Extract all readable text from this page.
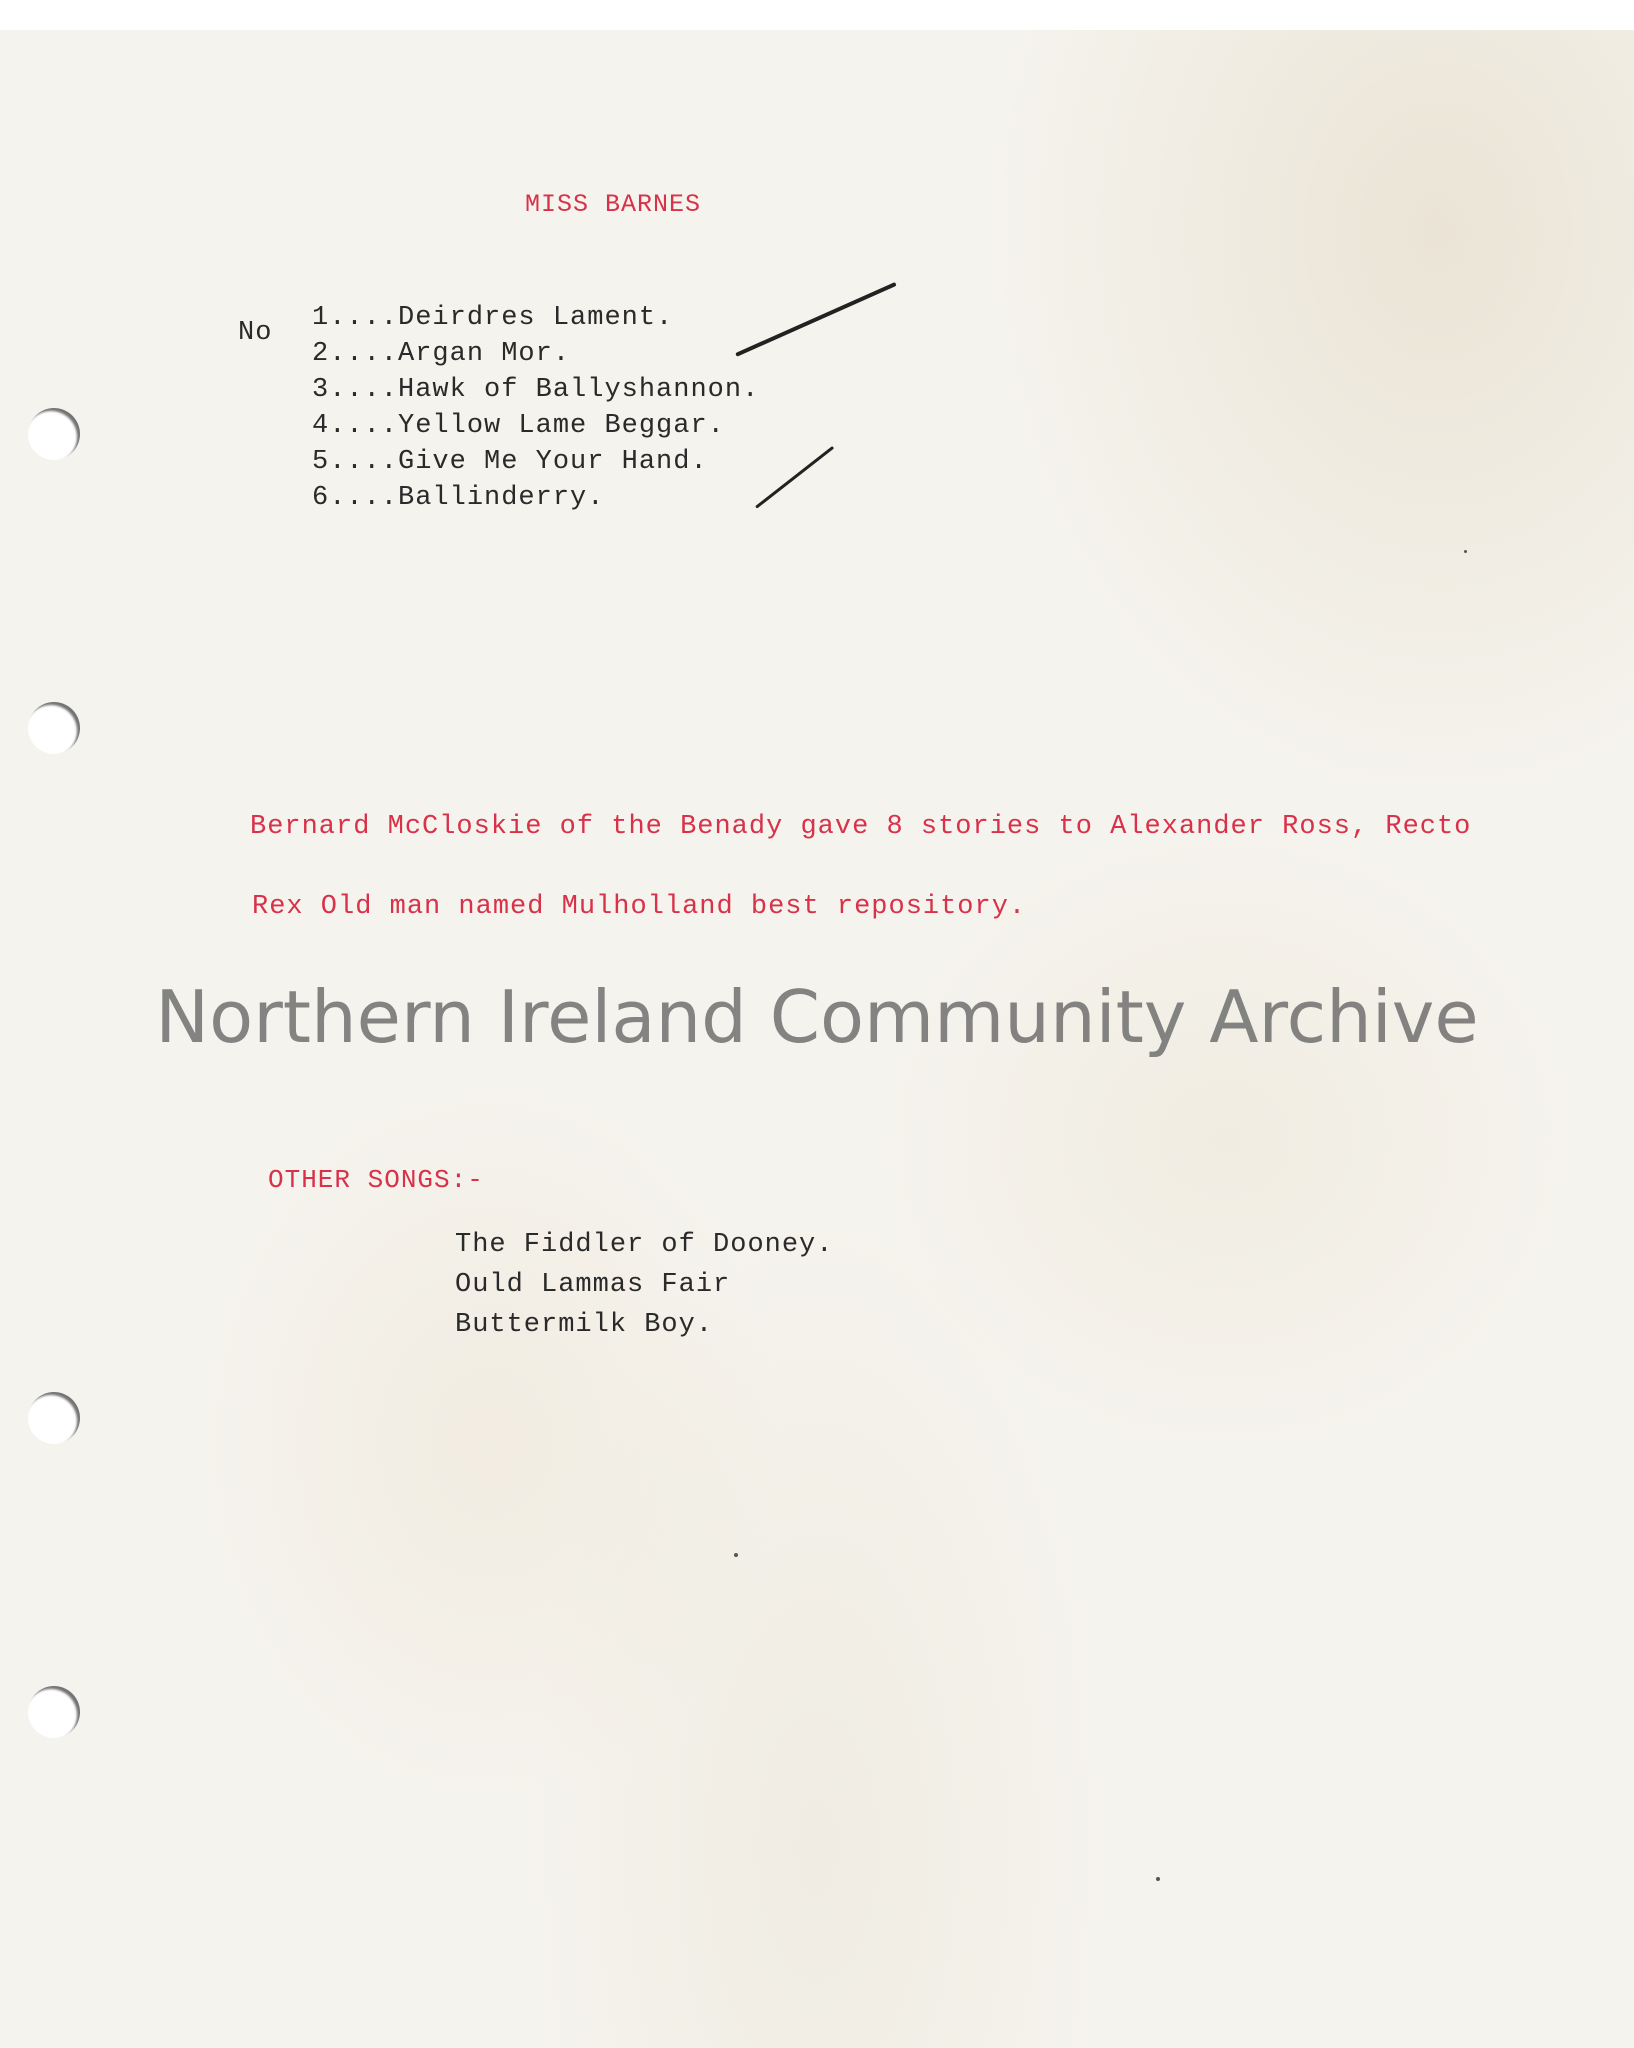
MISS BARNES
No 1....Deirdres Lament.
2....Argan Mor.
3....Hawk of Ballyshannon.
4....Yellow Lame Beggar.
5....Give Me Your Hand.
6....Ballinderry.
Bernard McCloskie of the Benady gave 8 stories to Alexander Ross, Recto
Rex Old man named Mulholland best repository.
Northern Ireland Community Archive
OTHER SONGS:-
The Fiddler of Dooney.
Ould Lammas Fair
Buttermilk Boy.
